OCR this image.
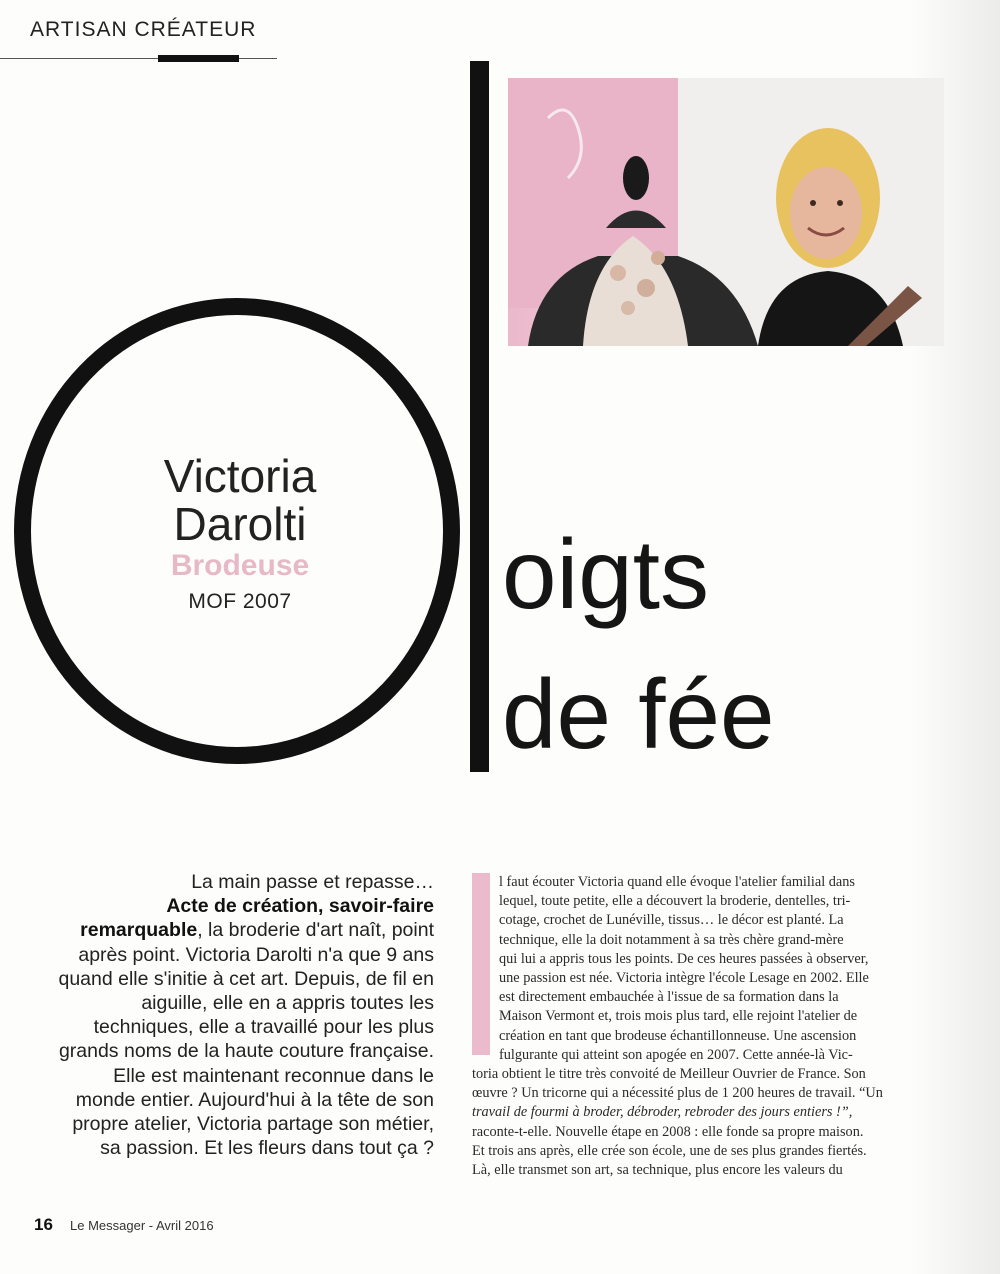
ARTISAN CRÉATEUR
Victoria
Darolti
Brodeuse
MOF 2007	oigts
de fée
La main passe et repasse…
Acte de création, savoir-faire remarquable, la broderie d'art naît, point après point. Victoria Darolti n'a que 9 ans quand elle s'initie à cet art. Depuis, de fil en aiguille, elle en a appris toutes les techniques, elle a travaillé pour les plus grands noms de la haute couture française. Elle est maintenant reconnue dans le monde entier. Aujourd'hui à la tête de son propre atelier, Victoria partage son métier, sa passion. Et les fleurs dans tout ça ?
l faut écouter Victoria quand elle évoque l'atelier familial dans
lequel, toute petite, elle a découvert la broderie, dentelles, tri-
cotage, crochet de Lunéville, tissus… le décor est planté. La
technique, elle la doit notamment à sa très chère grand-mère
qui lui a appris tous les points. De ces heures passées à observer,
une passion est née. Victoria intègre l'école Lesage en 2002. Elle
est directement embauchée à l'issue de sa formation dans la
Maison Vermont et, trois mois plus tard, elle rejoint l'atelier de
création en tant que brodeuse échantillonneuse. Une ascension
fulgurante qui atteint son apogée en 2007. Cette année-là Vic-
toria obtient le titre très convoité de Meilleur Ouvrier de France. Son
œuvre ? Un tricorne qui a nécessité plus de 1 200 heures de travail. “Un
travail de fourmi à broder, débroder, rebroder des jours entiers !”,
raconte-t-elle. Nouvelle étape en 2008 : elle fonde sa propre maison.
Et trois ans après, elle crée son école, une de ses plus grandes fiertés.
Là, elle transmet son art, sa technique, plus encore les valeurs du
16 Le Messager - Avril 2016
